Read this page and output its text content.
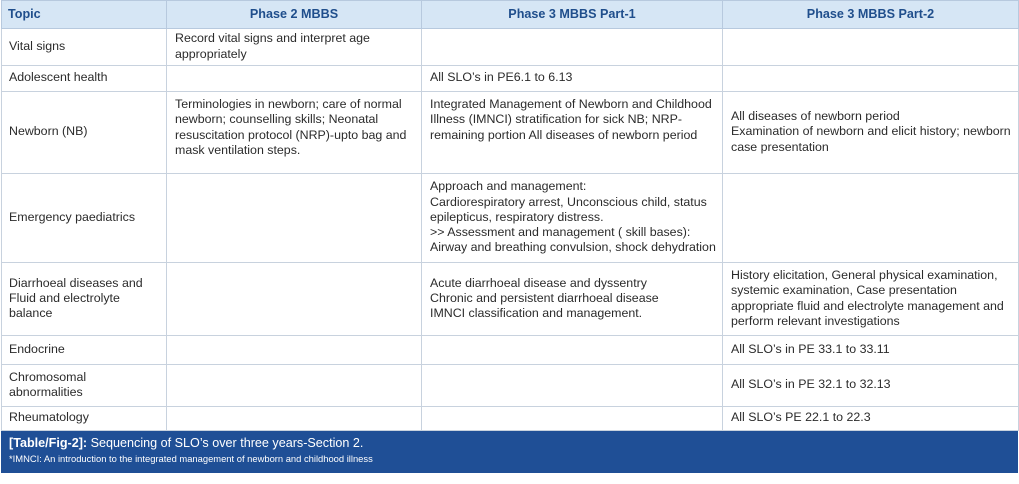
Topic	Phase 2 MBBS	Phase 3 MBBS Part-1	Phase 3 MBBS Part-2
Vital signs	Record vital signs and interpret age appropriately		
Adolescent health		All SLO’s in PE6.1 to 6.13	
Newborn (NB)	Terminologies in newborn; care of normal newborn; counselling skills; Neonatal resuscitation protocol (NRP)-upto bag and mask ventilation steps.	Integrated Management of Newborn and Childhood Illness (IMNCI) stratification for sick NB; NRP-remaining portion All diseases of newborn period	All diseases of newborn period
Examination of newborn and elicit history; newborn case presentation
Emergency paediatrics		Approach and management:
Cardiorespiratory arrest, Unconscious child, status epilepticus, respiratory distress.
>> Assessment and management ( skill bases): Airway and breathing convulsion, shock dehydration	
Diarrhoeal diseases and Fluid and electrolyte balance		Acute diarrhoeal disease and dyssentry
Chronic and persistent diarrhoeal disease
IMNCI classification and management.	History elicitation, General physical examination, systemic examination, Case presentation appropriate fluid and electrolyte management and perform relevant investigations
Endocrine			All SLO’s in PE 33.1 to 33.11
Chromosomal abnormalities			All SLO’s in PE 32.1 to 32.13
Rheumatology			All SLO’s PE 22.1 to 22.3
[Table/Fig-2]: Sequencing of SLO’s over three years-Section 2.
*IMNCI: An introduction to the integrated management of newborn and childhood illness
